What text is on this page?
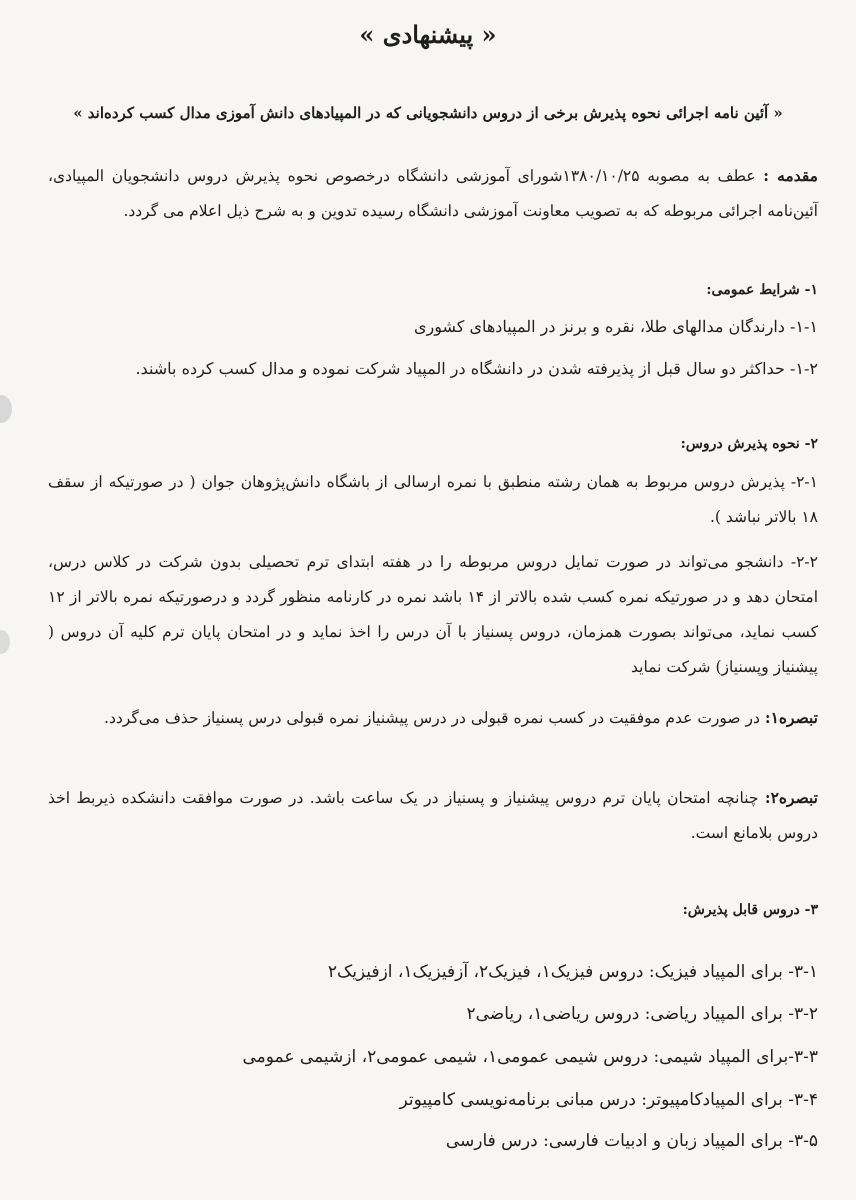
« پیشنهادی »
« آئین نامه اجرائی نحوه پذیرش برخی از دروس دانشجویانی که در المپیادهای دانش آموزی مدال کسب کرده‌اند »
مقدمه : عطف به مصوبه ۱۳۸۰/۱۰/۲۵شورای آموزشی دانشگاه درخصوص نحوه پذیرش دروس دانشجویان المپیادی، آئین‌نامه اجرائی مربوطه که به تصویب معاونت آموزشی دانشگاه رسیده تدوین و به شرح ذیل اعلام می گردد.
۱- شرایط عمومی:
۱-۱- دارندگان مدالهای طلا، نقره و برنز در المپیادهای کشوری
۱-۲- حداکثر دو سال قبل از پذیرفته شدن در دانشگاه در المپیاد شرکت نموده و مدال کسب کرده باشند.
۲- نحوه پذیرش دروس:
۲-۱- پذیرش دروس مربوط به همان رشته منطبق با نمره ارسالی از باشگاه دانش‌پژوهان جوان ( در صورتیکه از سقف ۱۸ بالاتر نباشد ).
۲-۲- دانشجو می‌تواند در صورت تمایل دروس مربوطه را در هفته ابتدای ترم تحصیلی بدون شرکت در کلاس درس، امتحان دهد و در صورتیکه نمره کسب شده بالاتر از ۱۴ باشد نمره در کارنامه منظور گردد و درصورتیکه نمره بالاتر از ۱۲ کسب نماید، می‌تواند بصورت همزمان، دروس پسنیاز با آن درس را اخذ نماید و در امتحان پایان ترم کلیه آن دروس ( پیشنیاز وپسنیاز) شرکت نماید
تبصره۱: در صورت عدم موفقیت در کسب نمره قبولی در درس پیشنیاز نمره قبولی درس پسنیاز حذف می‌گردد.
تبصره۲: چنانچه امتحان پایان ترم دروس پیشنیاز و پسنیاز در یک ساعت باشد. در صورت موافقت دانشکده ذیربط اخذ دروس بلامانع است.
۳- دروس قابل پذیرش:
۳-۱- برای المپیاد فیزیک: دروس فیزیک۱، فیزیک۲، آزفیزیک۱، ازفیزیک۲
۳-۲- برای المپیاد ریاضی: دروس ریاضی۱، ریاضی۲
۳-۳-برای المپیاد شیمی: دروس شیمی عمومی۱، شیمی عمومی۲، ازشیمی عمومی
۳-۴- برای المپیادکامپیوتر: درس مبانی برنامه‌نویسی کامپیوتر
۳-۵- برای المپیاد زبان و ادبیات فارسی: درس فارسی
